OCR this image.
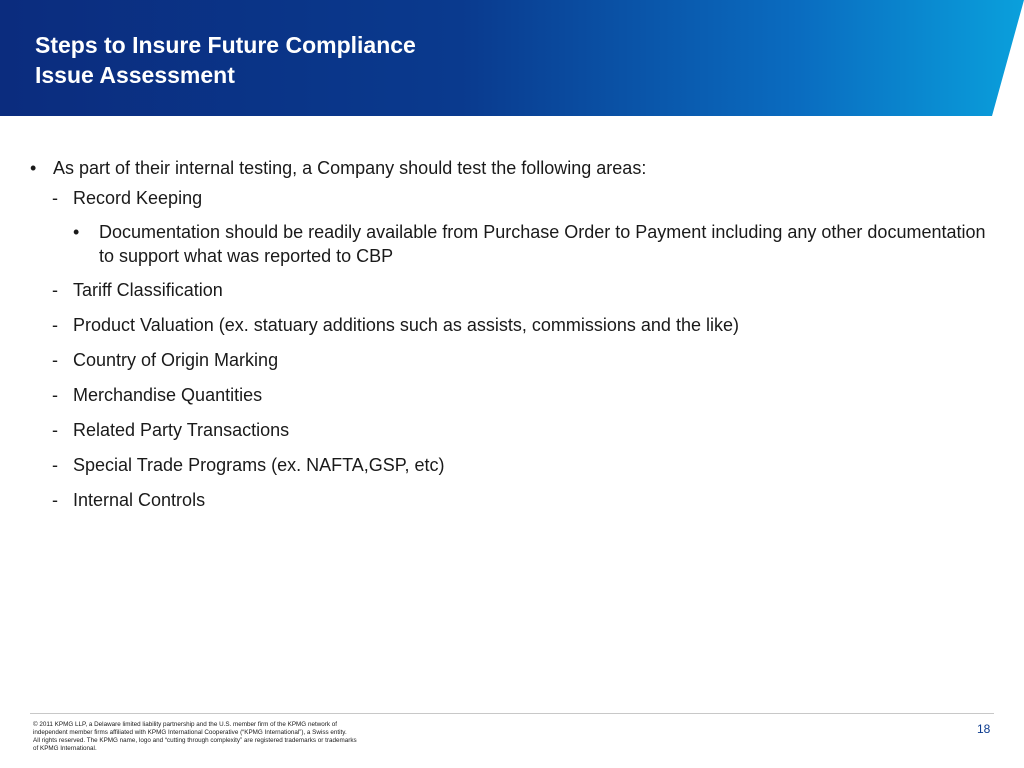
Steps to Insure Future Compliance
Issue Assessment
• As part of their internal testing, a Company should test the following areas:
- Record Keeping
• Documentation should be readily available from Purchase Order to Payment including any other documentation to support what was reported to CBP
- Tariff Classification
- Product Valuation (ex. statuary additions such as assists, commissions and the like)
- Country of Origin Marking
- Merchandise Quantities
- Related Party Transactions
- Special Trade Programs (ex. NAFTA,GSP, etc)
- Internal Controls
© 2011 KPMG LLP, a Delaware limited liability partnership and the U.S. member firm of the KPMG network of
independent member firms affiliated with KPMG International Cooperative (“KPMG International”), a Swiss entity.
All rights reserved. The KPMG name, logo and “cutting through complexity” are registered trademarks or trademarks
of KPMG International.
18
